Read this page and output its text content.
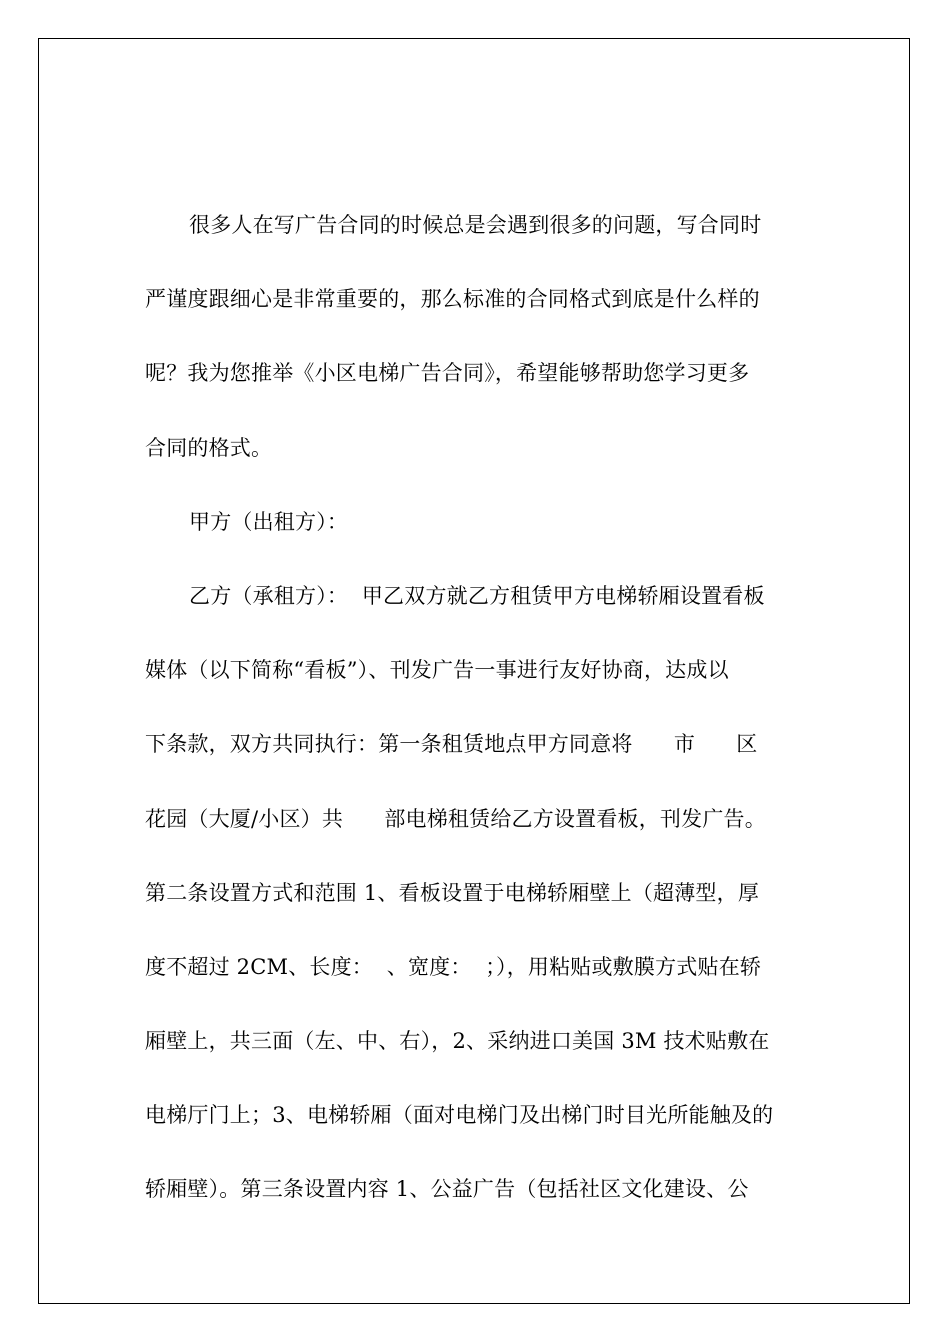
很多人在写广告合同的时候总是会遇到很多的问题，写合同时
严谨度跟细心是非常重要的，那么标准的合同格式到底是什么样的
呢？我为您推举《小区电梯广告合同》，希望能够帮助您学习更多
合同的格式。
甲方（出租方）：
乙方（承租方）：  甲乙双方就乙方租赁甲方电梯轿厢设置看板
媒体（以下简称“看板”）、刊发广告一事进行友好协商，达成以
下条款，双方共同执行：第一条租赁地点甲方同意将      市      区
花园（大厦/小区）共      部电梯租赁给乙方设置看板，刊发广告。
第二条设置方式和范围 1、看板设置于电梯轿厢壁上（超薄型，厚
度不超过 2CM、长度：  、宽度：  ；），用粘贴或敷膜方式贴在轿
厢壁上，共三面（左、中、右），2、采纳进口美国 3M 技术贴敷在
电梯厅门上；3、电梯轿厢（面对电梯门及出梯门时目光所能触及的
轿厢壁）。第三条设置内容 1、公益广告（包括社区文化建设、公
